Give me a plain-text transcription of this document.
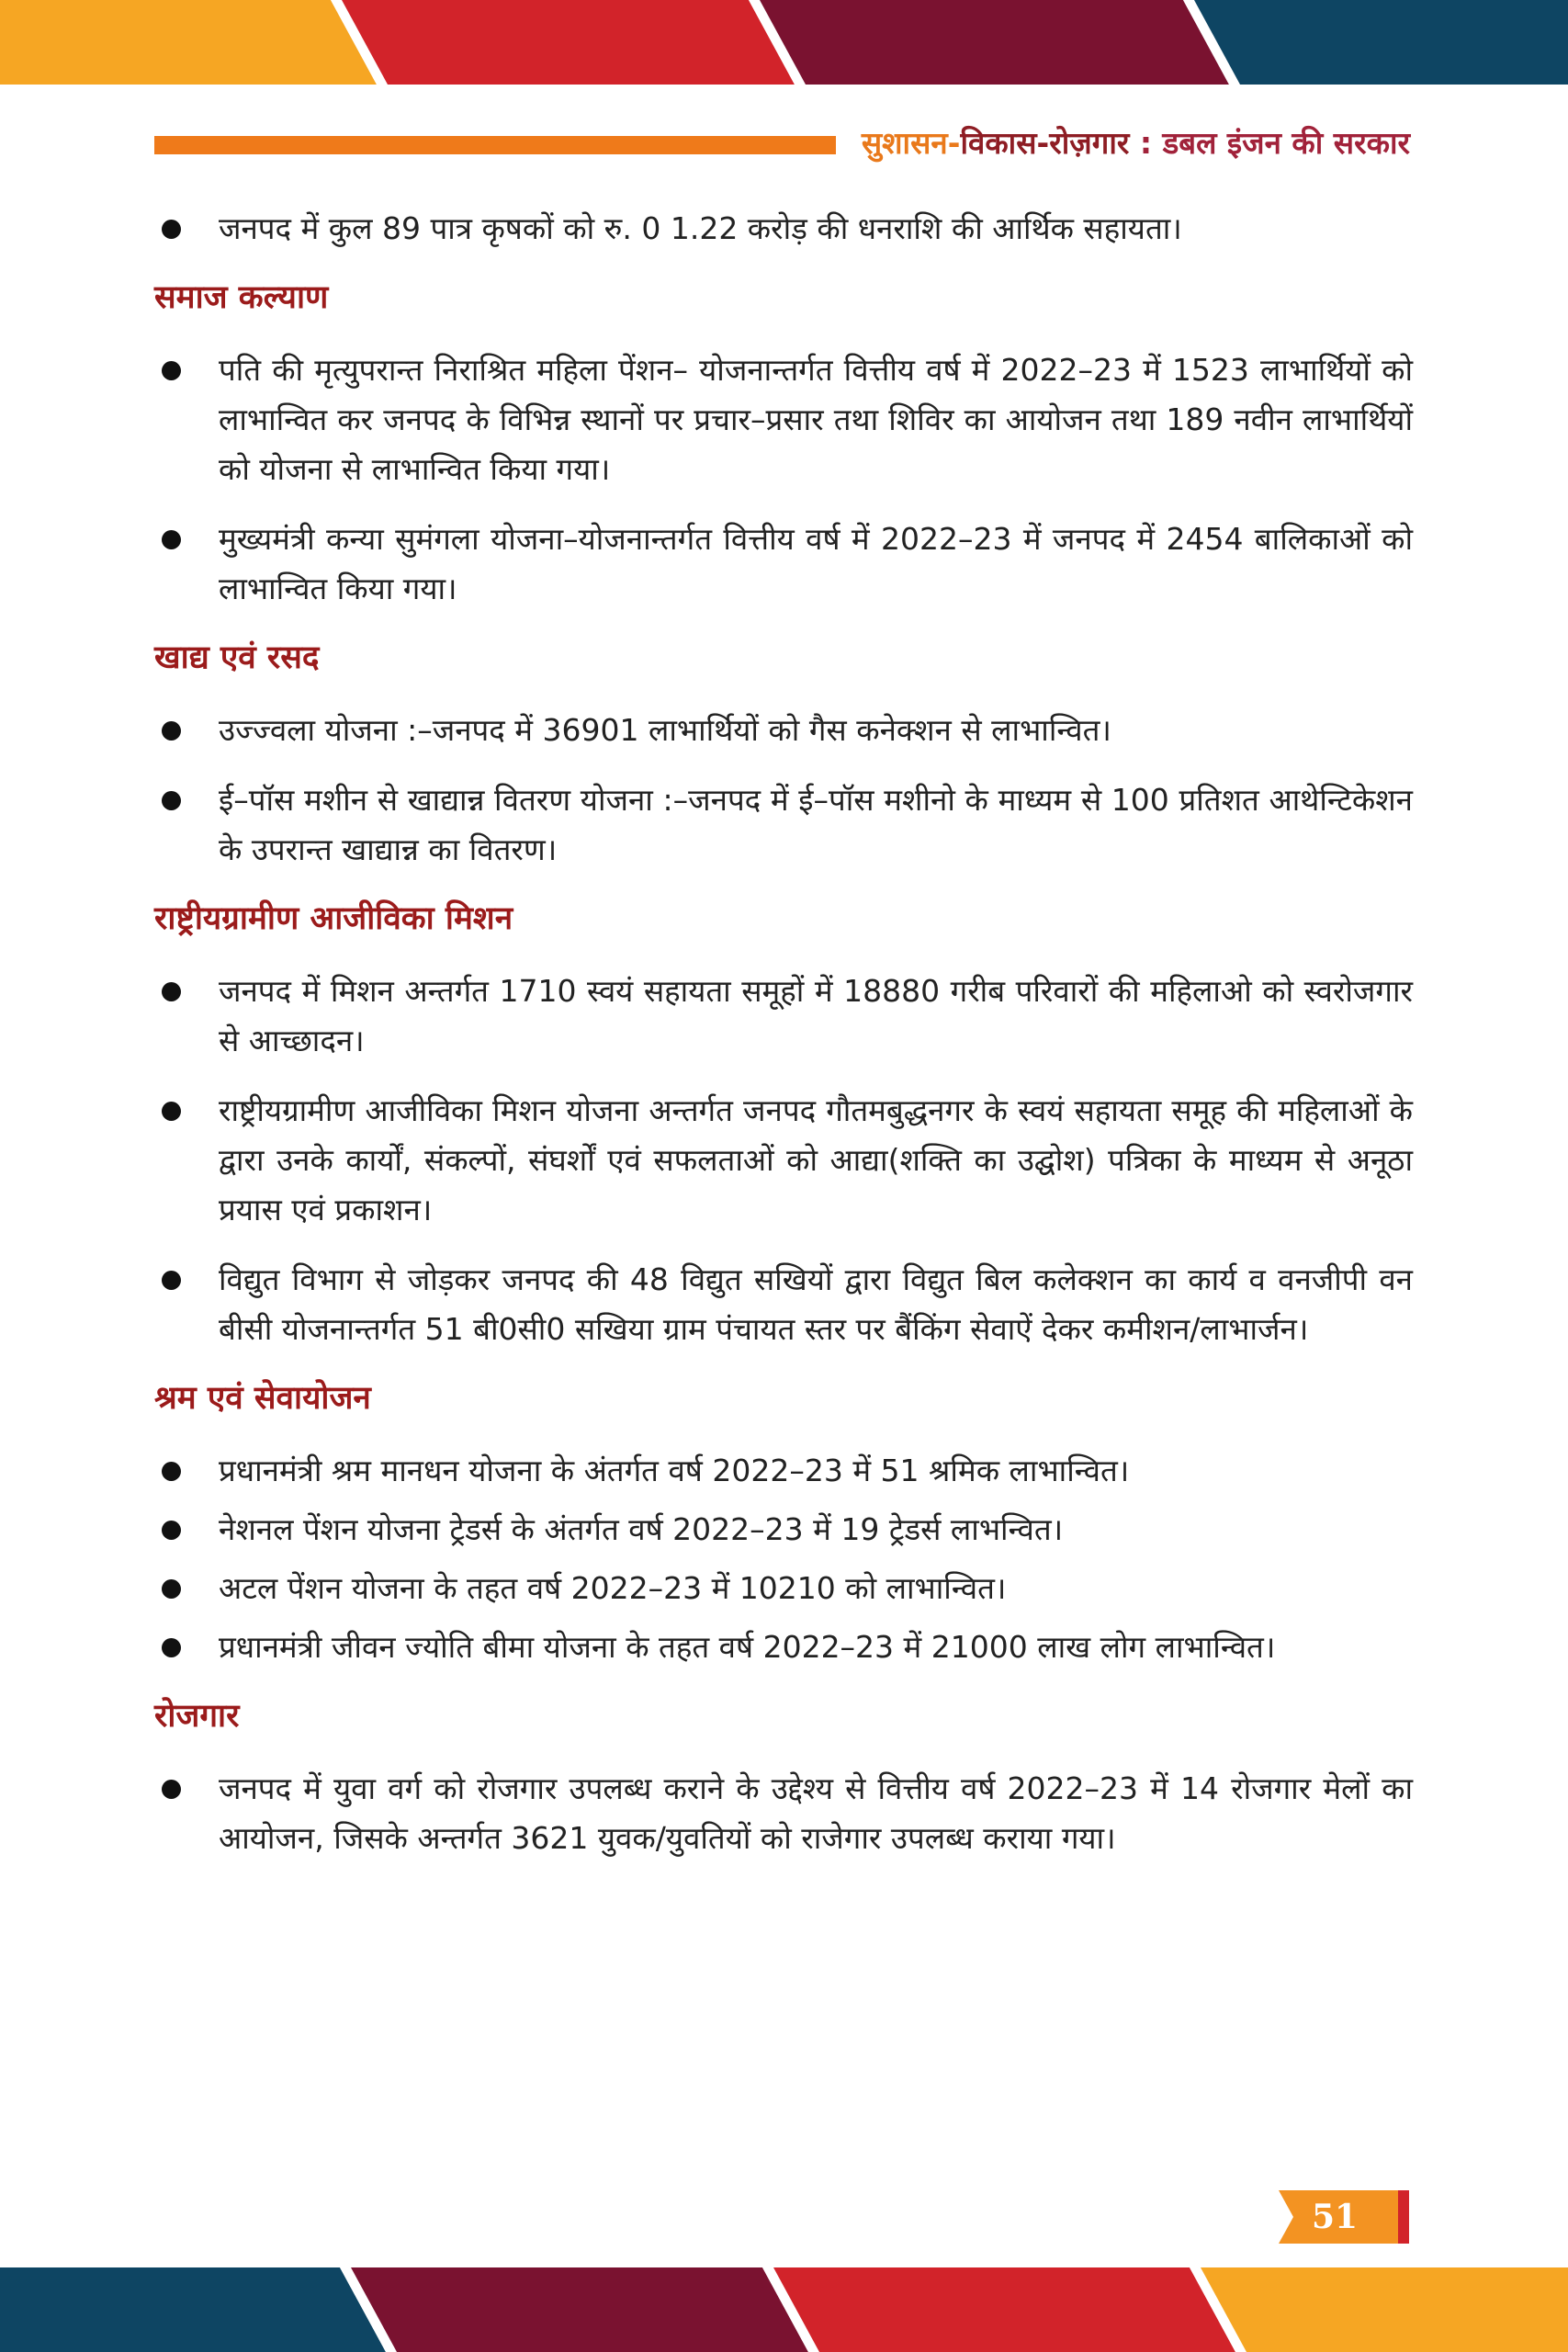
सुशासन-विकास-रोज़गार : डबल इंजन की सरकार
जनपद में कुल 89 पात्र कृषकों को रु. 0 1.22 करोड़ की धनराशि की आर्थिक सहायता।
समाज कल्याण
पति की मृत्युपरान्त निराश्रित महिला पेंशन– योजनान्तर्गत वित्तीय वर्ष में 2022–23 में 1523 लाभार्थियों को लाभान्वित कर जनपद के विभिन्न स्थानों पर प्रचार–प्रसार तथा शिविर का आयोजन तथा 189 नवीन लाभार्थियों को योजना से लाभान्वित किया गया।
मुख्यमंत्री कन्या सुमंगला योजना–योजनान्तर्गत वित्तीय वर्ष में 2022–23 में जनपद में 2454 बालिकाओं को लाभान्वित किया गया।
खाद्य एवं रसद
उज्ज्वला योजना :–जनपद में 36901 लाभार्थियों को गैस कनेक्शन से लाभान्वित।
ई–पॉस मशीन से खाद्यान्न वितरण योजना :–जनपद में ई–पॉस मशीनो के माध्यम से 100 प्रतिशत आथेन्टिकेशन के उपरान्त खाद्यान्न का वितरण।
राष्ट्रीयग्रामीण आजीविका मिशन
जनपद में मिशन अन्तर्गत 1710 स्वयं सहायता समूहों में 18880 गरीब परिवारों की महिलाओ को स्वरोजगार से आच्छादन।
राष्ट्रीयग्रामीण आजीविका मिशन योजना अन्तर्गत जनपद गौतमबुद्धनगर के स्वयं सहायता समूह की महिलाओं के द्वारा उनके कार्यों, संकल्पों, संघर्शों एवं सफलताओं को आद्या(शक्ति का उद्घोश) पत्रिका के माध्यम से अनूठा प्रयास एवं प्रकाशन।
विद्युत विभाग से जोड़कर जनपद की 48 विद्युत सखियों द्वारा विद्युत बिल कलेक्शन का कार्य व वनजीपी वन बीसी योजनान्तर्गत 51 बी0सी0 सखिया ग्राम पंचायत स्तर पर बैंकिंग सेवाऐं देकर कमीशन/लाभार्जन।
श्रम एवं सेवायोजन
प्रधानमंत्री श्रम मानधन योजना के अंतर्गत वर्ष 2022–23 में 51 श्रमिक लाभान्वित।
नेशनल पेंशन योजना ट्रेडर्स के अंतर्गत वर्ष 2022–23 में 19 ट्रेडर्स लाभन्वित।
अटल पेंशन योजना के तहत वर्ष 2022–23 में 10210 को लाभान्वित।
प्रधानमंत्री जीवन ज्योति बीमा योजना के तहत वर्ष 2022–23 में 21000 लाख लोग लाभान्वित।
रोजगार
जनपद में युवा वर्ग को रोजगार उपलब्ध कराने के उद्देश्य से वित्तीय वर्ष 2022–23 में 14 रोजगार मेलों का आयोजन, जिसके अन्तर्गत 3621 युवक/युवतियों को राजेगार उपलब्ध कराया गया।
51
